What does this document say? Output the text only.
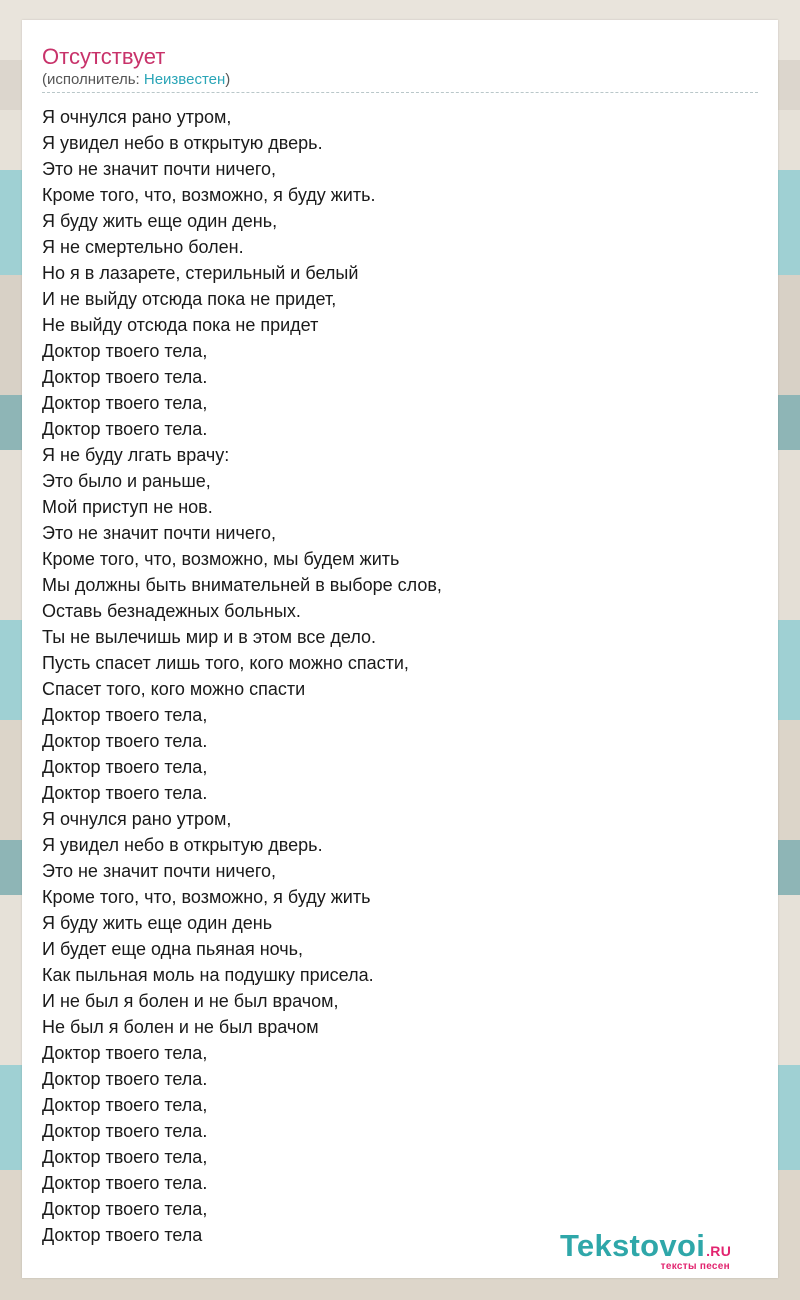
Отсутствует
(исполнитель: Неизвестен)
Я очнулся рано утром,
Я увидел небо в открытую дверь.
Это не значит почти ничего,
Кроме того, что, возможно, я буду жить.
Я буду жить еще один день,
Я не смертельно болен.
Но я в лазарете, стерильный и белый
И не выйду отсюда пока не придет,
Не выйду отсюда пока не придет
Доктор твоего тела,
Доктор твоего тела.
Доктор твоего тела,
Доктор твоего тела.
Я не буду лгать врачу:
Это было и раньше,
Мой приступ не нов.
Это не значит почти ничего,
Кроме того, что, возможно, мы будем жить
Мы должны быть внимательней в выборе слов,
Оставь безнадежных больных.
Ты не вылечишь мир и в этом все дело.
Пусть спасет лишь того, кого можно спасти,
Спасет того, кого можно спасти
Доктор твоего тела,
Доктор твоего тела.
Доктор твоего тела,
Доктор твоего тела.
Я очнулся рано утром,
Я увидел небо в открытую дверь.
Это не значит почти ничего,
Кроме того, что, возможно, я буду жить
Я буду жить еще один день
И будет еще одна пьяная ночь,
Как пыльная моль на подушку присела.
И не был я болен и не был врачом,
Не был я болен и не был врачом
Доктор твоего тела,
Доктор твоего тела.
Доктор твоего тела,
Доктор твоего тела.
Доктор твоего тела,
Доктор твоего тела.
Доктор твоего тела,
Доктор твоего тела	Tekstovoi.RU
тексты песен
